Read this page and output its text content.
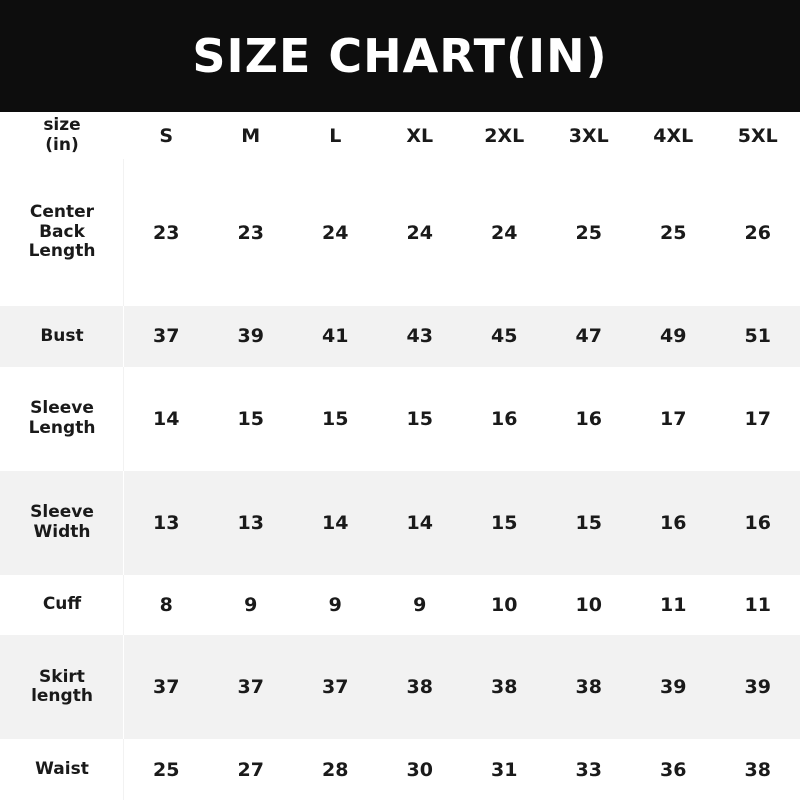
SIZE CHART(IN)
size
(in)	S	M	L	XL	2XL	3XL	4XL	5XL

Center
Back
Length	23	23	24	24	24	25	25	26

Bust	37	39	41	43	45	47	49	51

Sleeve
Length	14	15	15	15	16	16	17	17

Sleeve
Width	13	13	14	14	15	15	16	16

Cuff	8	9	9	9	10	10	11	11

Skirt
length	37	37	37	38	38	38	39	39

Waist	25	27	28	30	31	33	36	38
